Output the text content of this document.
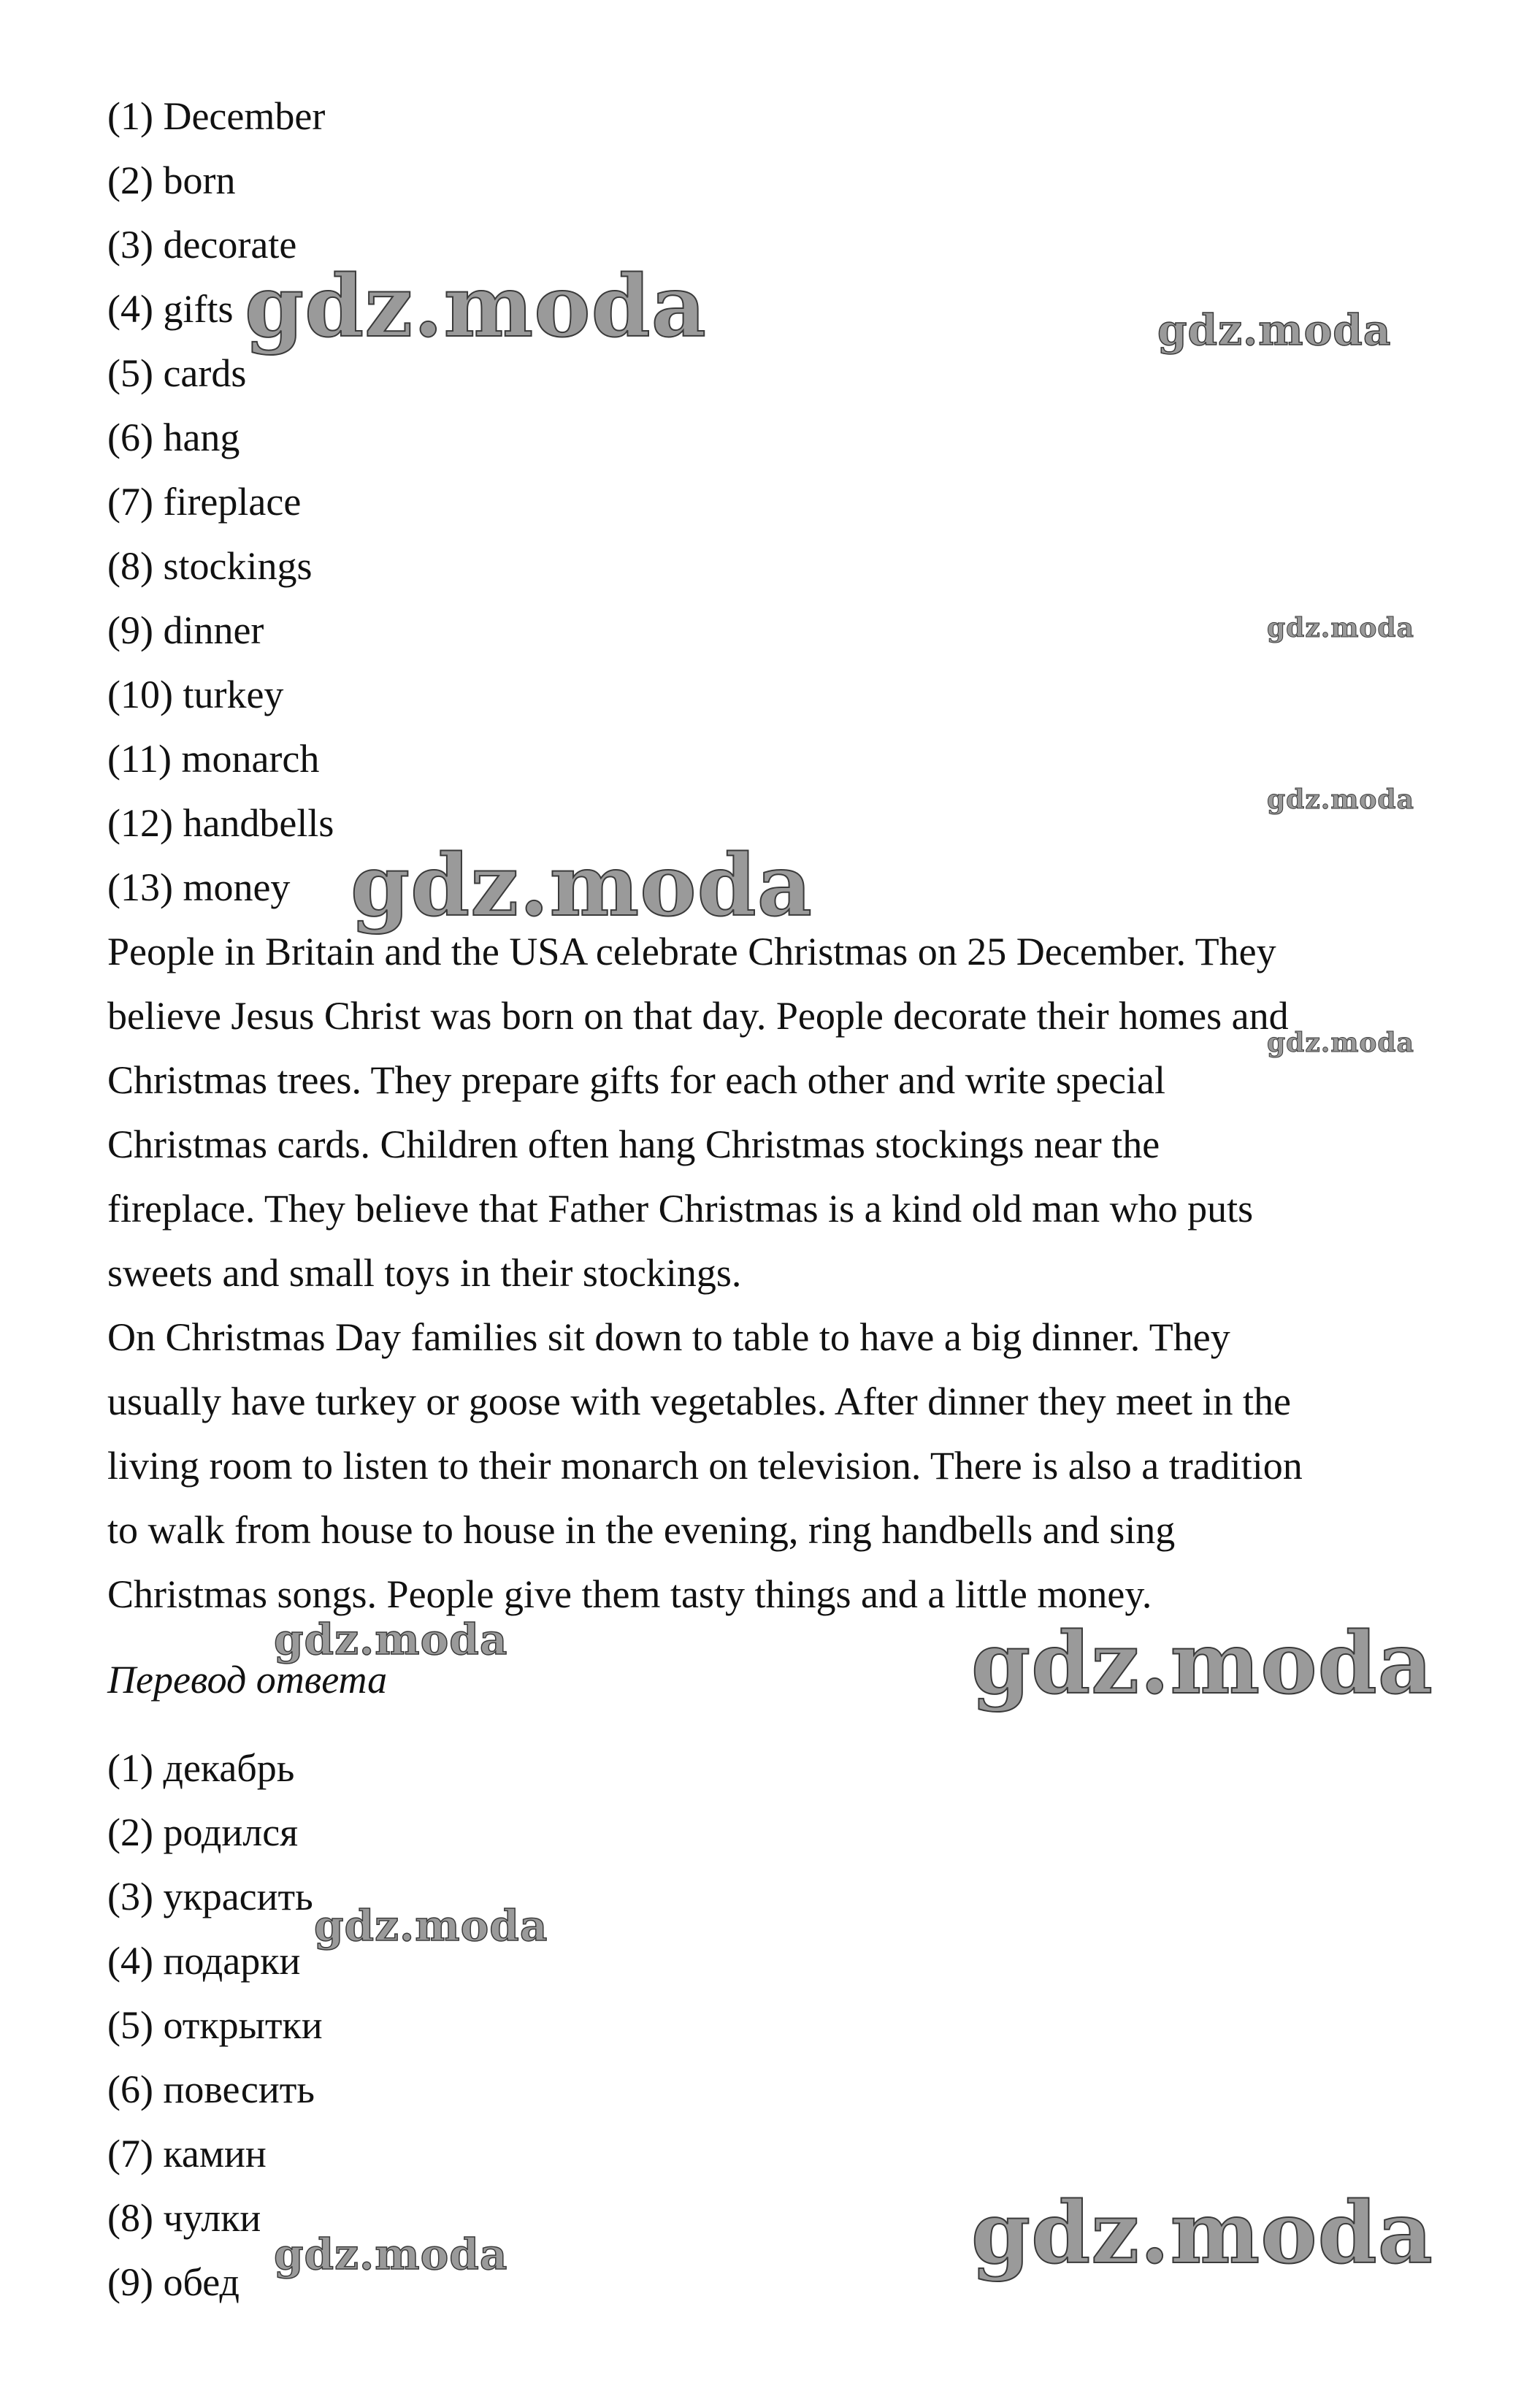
(1) December
(2) born
(3) decorate
(4) gifts
(5) cards
(6) hang
(7) fireplace
(8) stockings
(9) dinner
(10) turkey
(11) monarch
(12) handbells
(13) money
People in Britain and the USA celebrate Christmas on 25 December. They
believe Jesus Christ was born on that day. People decorate their homes and
Christmas trees. They prepare gifts for each other and write special
Christmas cards. Children often hang Christmas stockings near the
fireplace. They believe that Father Christmas is a kind old man who puts
sweets and small toys in their stockings.
On Christmas Day families sit down to table to have a big dinner. They
usually have turkey or goose with vegetables. After dinner they meet in the
living room to listen to their monarch on television. There is also a tradition
to walk from house to house in the evening, ring handbells and sing
Christmas songs. People give them tasty things and a little money.
Перевод ответа
(1) декабрь
(2) родился
(3) украсить
(4) подарки
(5) открытки
(6) повесить
(7) камин
(8) чулки
(9) обед
gdz.moda	gdz.moda
gdz.moda
gdz.moda
gdz.moda
gdz.moda
gdz.moda	gdz.moda
gdz.moda
gdz.moda
gdz.moda
